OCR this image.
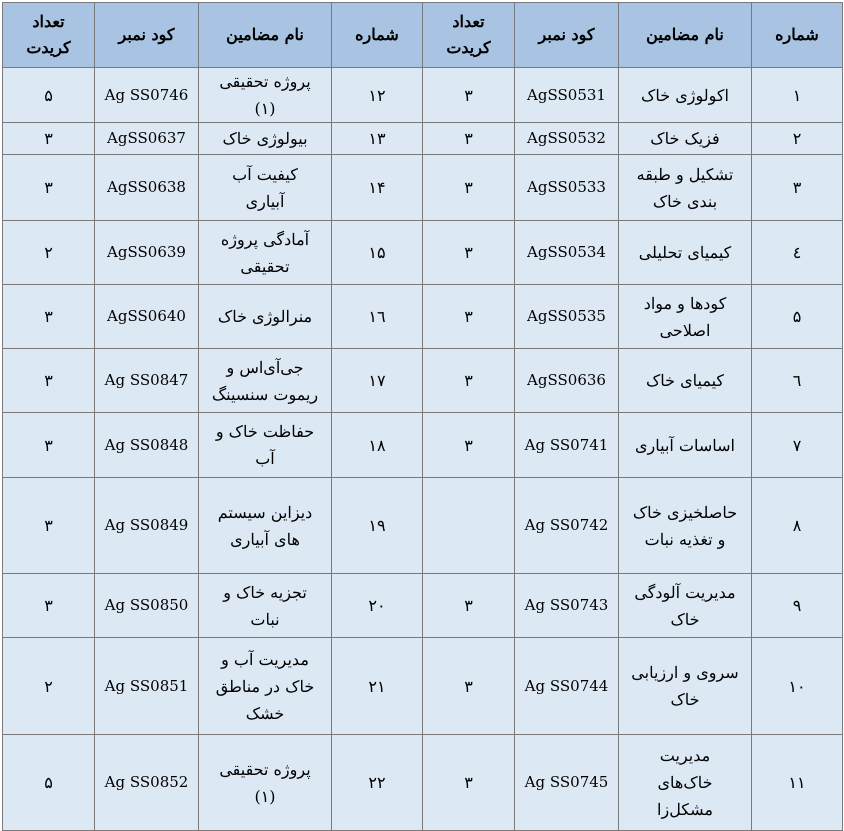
شماره	نام مضامین	کود نمبر	تعداد کریدت	شماره	نام مضامین	کود نمبر	تعداد کریدت
۱	اکولوژی خاک	AgSS0531	۳	۱۲	پروژه تحقیقی (۱)	Ag SS0746	۵
۲	فزیک خاک	AgSS0532	۳	۱۳	بیولوژی خاک	AgSS0637	۳
۳	تشکیل و طبقه بندی خاک	AgSS0533	۳	۱۴	کیفیت آب آبیاری	AgSS0638	۳
٤	کیمیای تحلیلی	AgSS0534	۳	۱۵	آمادگی پروژه تحقیقی	AgSS0639	۲
۵	کودها و مواد اصلاحی	AgSS0535	۳	۱٦	منرالوژی خاک	AgSS0640	۳
٦	کیمیای خاک	AgSS0636	۳	۱۷	جی‌آی‌اس و ریموت سنسینگ	Ag SS0847	۳
۷	اساسات آبیاری	Ag SS0741	۳	۱۸	حفاظت خاک و آب	Ag SS0848	۳
۸	حاصلخیزی خاک و تغذیه نبات	Ag SS0742		۱۹	دیزاین سیستم های آبیاری	Ag SS0849	۳
۹	مدیریت آلودگی خاک	Ag SS0743	۳	۲۰	تجزیه خاک و نبات	Ag SS0850	۳
۱۰	سروی و ارزیابی خاک	Ag SS0744	۳	۲۱	مدیریت آب و خاک در مناطق خشک	Ag SS0851	۲
۱۱	مدیریت خاک‌های مشکل‌زا	Ag SS0745	۳	۲۲	پروژه تحقیقی (۱)	Ag SS0852	۵
